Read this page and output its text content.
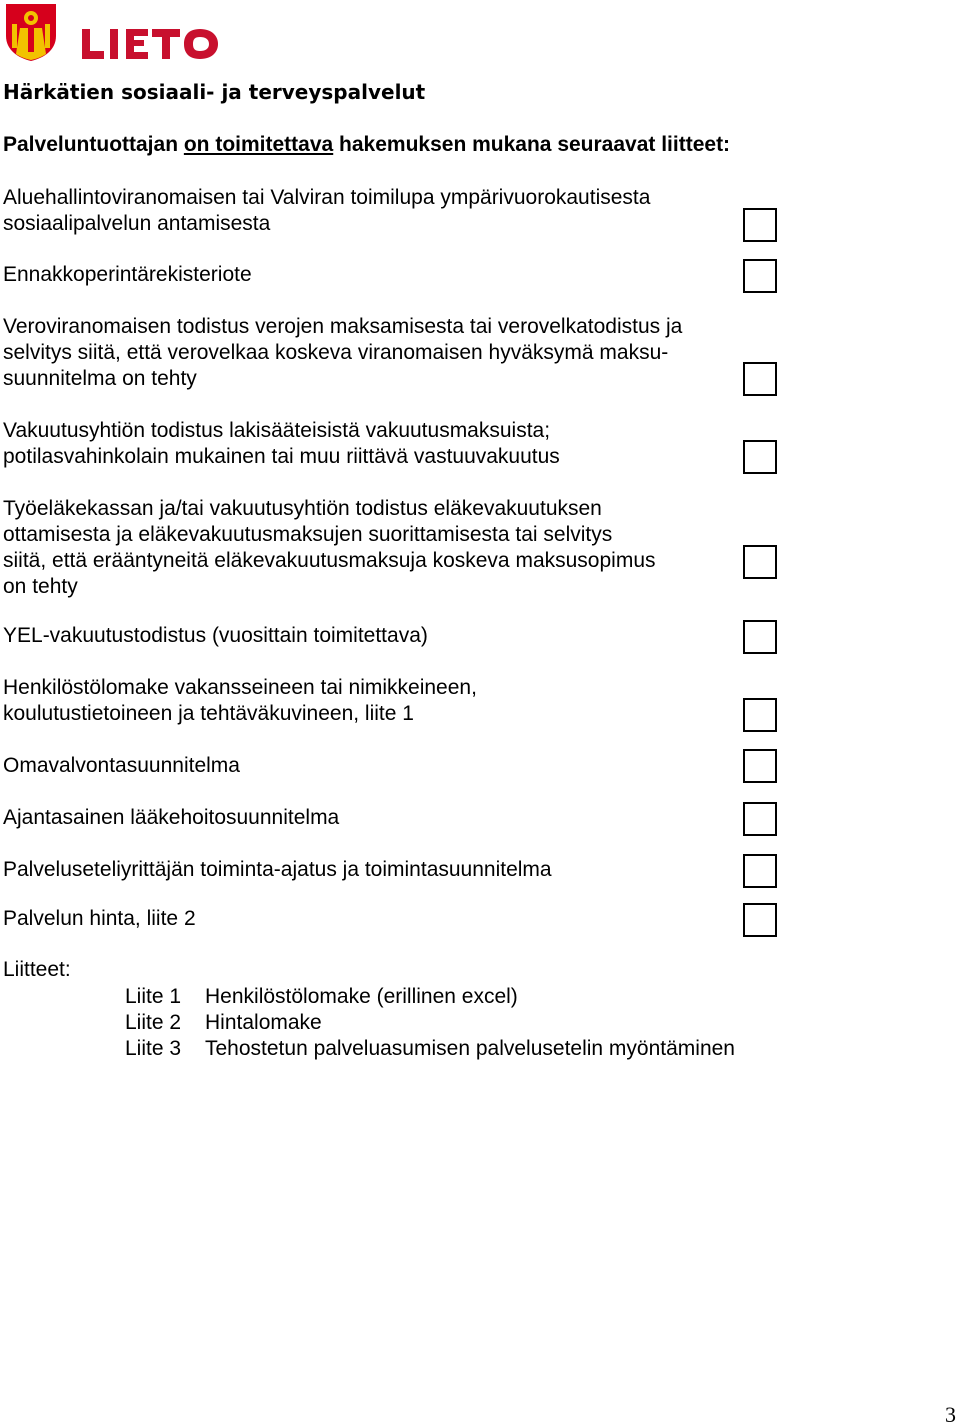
Härkätien sosiaali- ja terveyspalvelut

Palveluntuottajan on toimitettava hakemuksen mukana seuraavat liitteet:

Aluehallintoviranomaisen tai Valviran toimilupa ympärivuorokautisesta
sosiaalipalvelun antamisesta

Ennakkoperintärekisteriote

Veroviranomaisen todistus verojen maksamisesta tai verovelkatodistus ja
selvitys siitä, että verovelkaa koskeva viranomaisen hyväksymä maksu-
suunnitelma on tehty

Vakuutusyhtiön todistus lakisääteisistä vakuutusmaksuista;
potilasvahinkolain mukainen tai muu riittävä vastuuvakuutus

Työeläkekassan ja/tai vakuutusyhtiön todistus eläkevakuutuksen
ottamisesta ja eläkevakuutusmaksujen suorittamisesta tai selvitys
siitä, että erääntyneitä eläkevakuutusmaksuja koskeva maksusopimus
on tehty

YEL-vakuutustodistus (vuosittain toimitettava)

Henkilöstölomake vakansseineen tai nimikkeineen,
koulutustietoineen ja tehtäväkuvineen, liite 1

Omavalvontasuunnitelma

Ajantasainen lääkehoitosuunnitelma

Palveluseteliyrittäjän toiminta-ajatus ja toimintasuunnitelma

Palvelun hinta, liite 2

Liitteet:
Liite 1 Henkilöstölomake (erillinen excel)
Liite 2 Hintalomake
Liite 3 Tehostetun palveluasumisen palvelusetelin myöntäminen
3
